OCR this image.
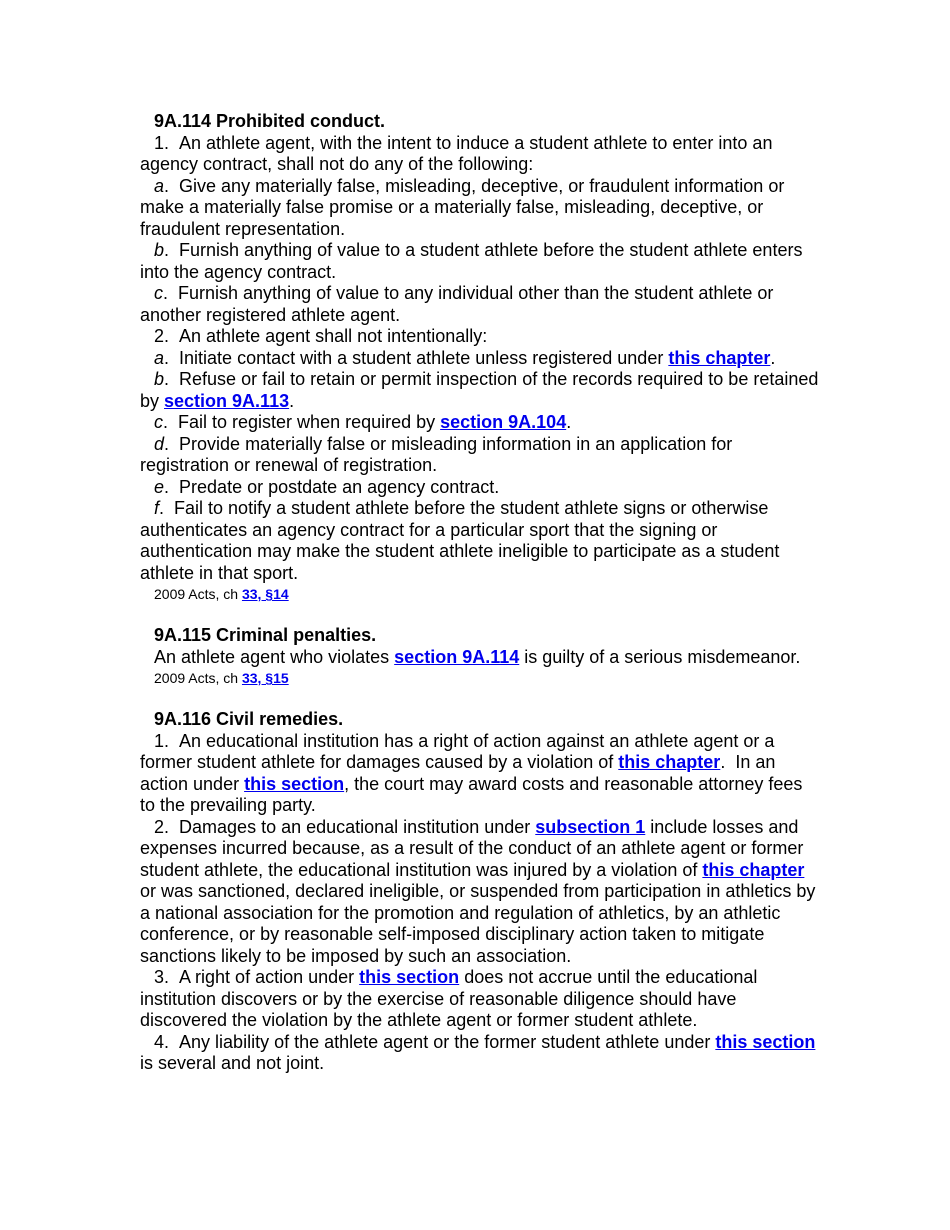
9A.114 Prohibited conduct.

1. An athlete agent, with the intent to induce a student athlete to enter into an agency contract, shall not do any of the following:

a.  Give any materially false, misleading, deceptive, or fraudulent information or make a materially false promise or a materially false, misleading, deceptive, or fraudulent representation.

b.  Furnish anything of value to a student athlete before the student athlete enters into the agency contract.

c.  Furnish anything of value to any individual other than the student athlete or another registered athlete agent.

2. An athlete agent shall not intentionally:

a.  Initiate contact with a student athlete unless registered under this chapter.

b.  Refuse or fail to retain or permit inspection of the records required to be retained by section 9A.113.

c.  Fail to register when required by section 9A.104.

d.  Provide materially false or misleading information in an application for registration or renewal of registration.

e.  Predate or postdate an agency contract.

f.  Fail to notify a student athlete before the student athlete signs or otherwise authenticates an agency contract for a particular sport that the signing or authentication may make the student athlete ineligible to participate as a student athlete in that sport.

2009 Acts, ch 33, §14

9A.115 Criminal penalties.

An athlete agent who violates section 9A.114 is guilty of a serious misdemeanor.

2009 Acts, ch 33, §15

9A.116 Civil remedies.

1. An educational institution has a right of action against an athlete agent or a former student athlete for damages caused by a violation of this chapter.  In an action under this section, the court may award costs and reasonable attorney fees to the prevailing party.

2. Damages to an educational institution under subsection 1 include losses and expenses incurred because, as a result of the conduct of an athlete agent or former student athlete, the educational institution was injured by a violation of this chapter or was sanctioned, declared ineligible, or suspended from participation in athletics by a national association for the promotion and regulation of athletics, by an athletic conference, or by reasonable self-imposed disciplinary action taken to mitigate sanctions likely to be imposed by such an association.

3. A right of action under this section does not accrue until the educational institution discovers or by the exercise of reasonable diligence should have discovered the violation by the athlete agent or former student athlete.

4. Any liability of the athlete agent or the former student athlete under this section is several and not joint.
